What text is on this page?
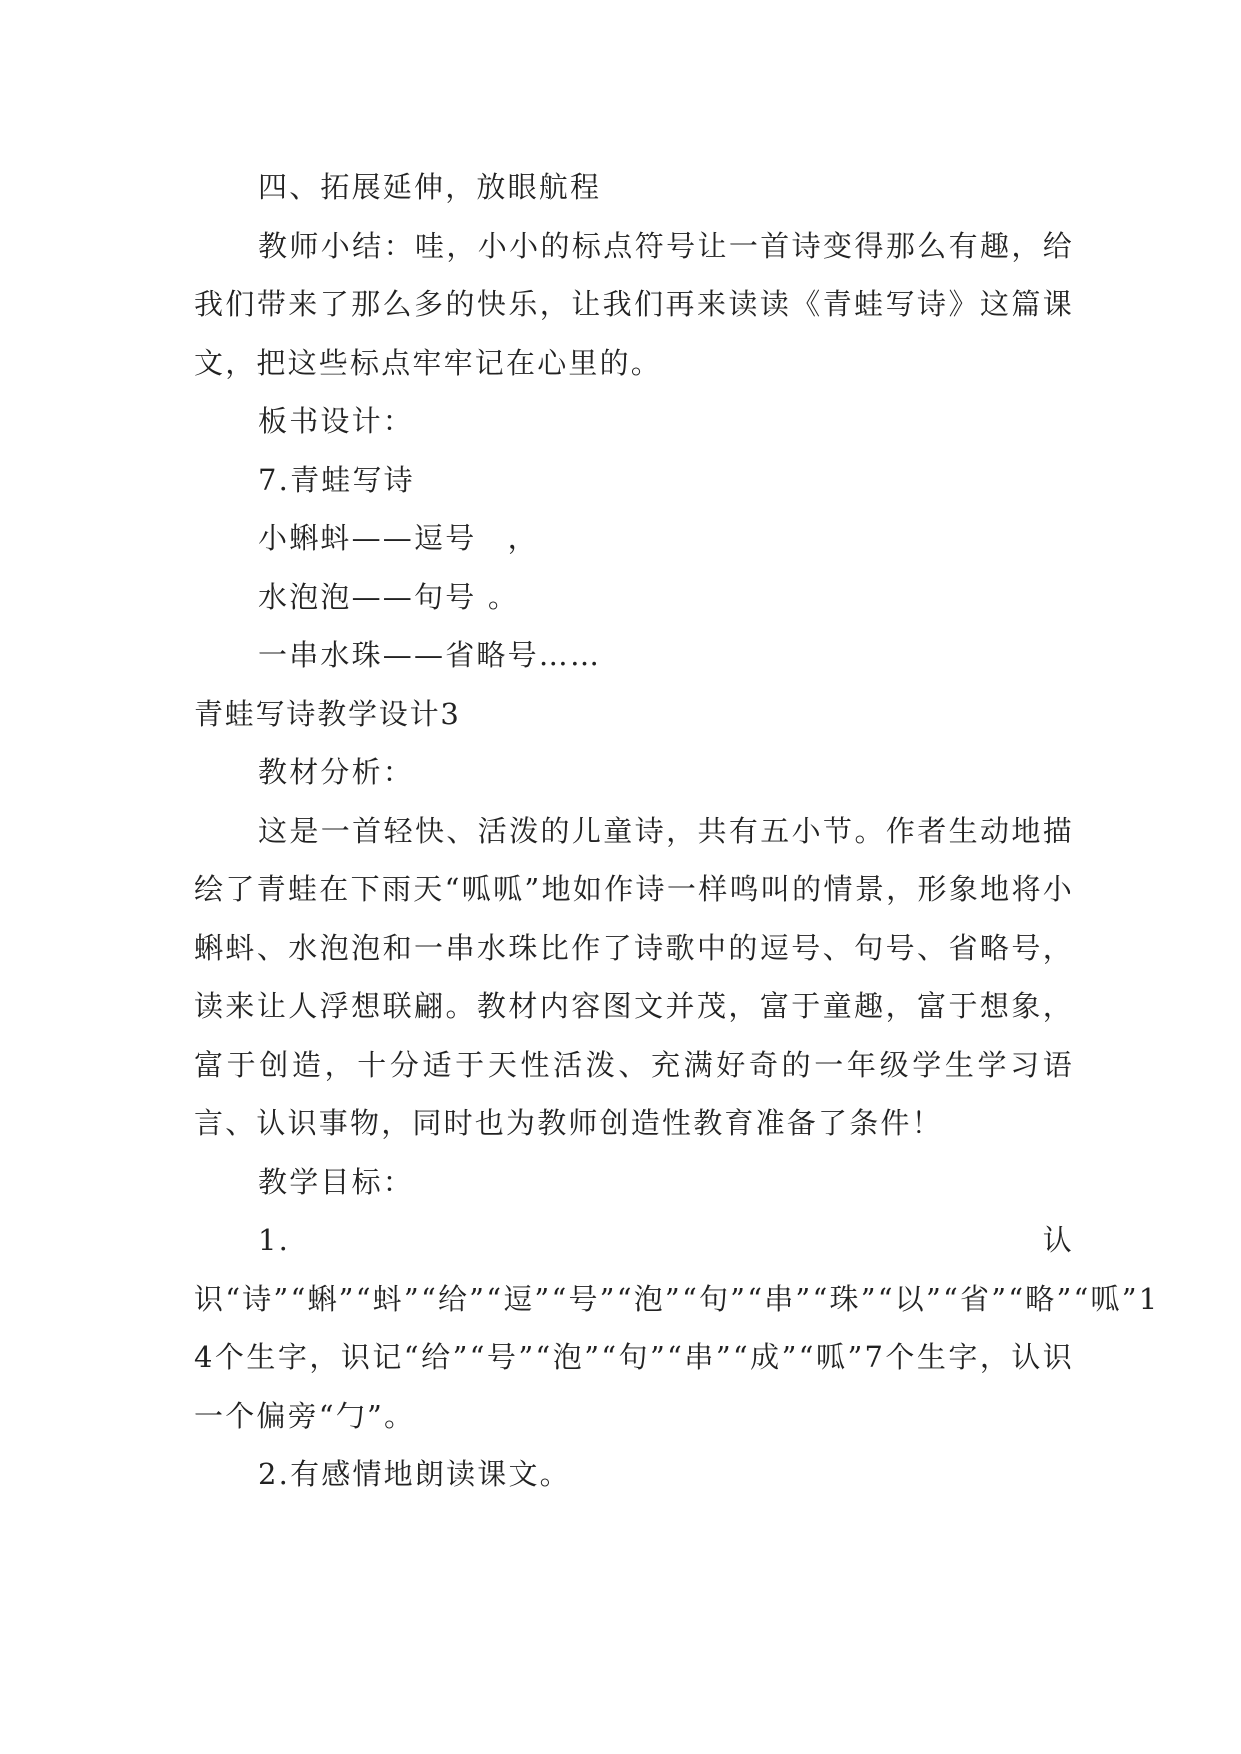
四、拓展延伸，放眼航程

教师小结：哇，小小的标点符号让一首诗变得那么有趣，给我们带来了那么多的快乐，让我们再来读读《青蛙写诗》这篇课文，把这些标点牢牢记在心里的。

板书设计：

7.青蛙写诗

小蝌蚪——逗号　，

水泡泡——句号 。

一串水珠——省略号……

青蛙写诗教学设计3

教材分析：

这是一首轻快、活泼的儿童诗，共有五小节。作者生动地描绘了青蛙在下雨天“呱呱”地如作诗一样鸣叫的情景，形象地将小蝌蚪、水泡泡和一串水珠比作了诗歌中的逗号、句号、省略号，读来让人浮想联翩。教材内容图文并茂，富于童趣，富于想象，富于创造，十分适于天性活泼、充满好奇的一年级学生学习语言、认识事物，同时也为教师创造性教育准备了条件！

教学目标：

1.认识“诗”“蝌”“蚪”“给”“逗”“号”“泡”“句”“串”“珠”“以”“省”“略”“呱”14个生字，识记“给”“号”“泡”“句”“串”“成”“呱”7个生字，认识一个偏旁“勹”。

2.有感情地朗读课文。
